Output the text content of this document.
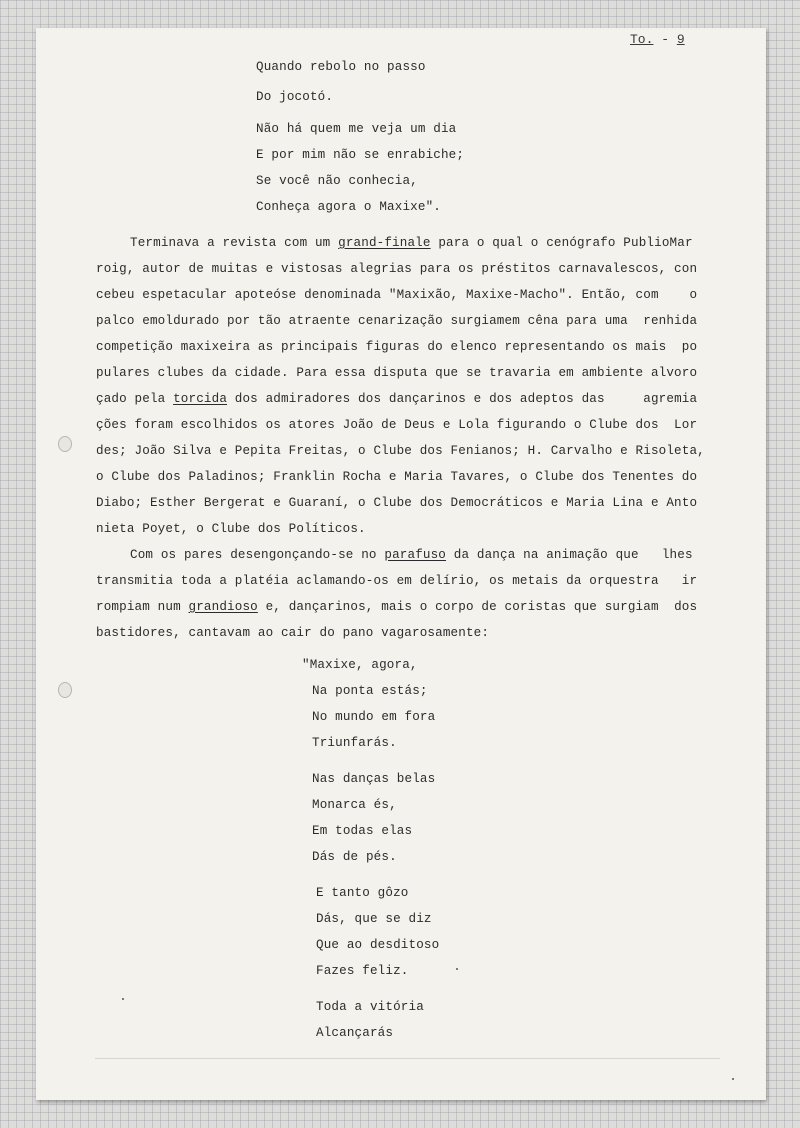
To. - 9
Quando rebolo no passo
Do jocotó.
Não há quem me veja um dia
E por mim não se enrabiche;
Se você não conhecia,
Conheça agora o Maxixe".
Terminava a revista com um grand-finale para o qual o cenógrafo PublioMar
roig, autor de muitas e vistosas alegrias para os préstitos carnavalescos, con
cebeu espetacular apoteóse denominada "Maxixão, Maxixe-Macho". Então, com    o
palco emoldurado por tão atraente cenarização surgiamem cêna para uma  renhida
competição maxixeira as principais figuras do elenco representando os mais  po
pulares clubes da cidade. Para essa disputa que se travaria em ambiente alvoro
çado pela torcida dos admiradores dos dançarinos e dos adeptos das     agremia
ções foram escolhidos os atores João de Deus e Lola figurando o Clube dos  Lor
des; João Silva e Pepita Freitas, o Clube dos Fenianos; H. Carvalho e Risoleta,
o Clube dos Paladinos; Franklin Rocha e Maria Tavares, o Clube dos Tenentes do
Diabo; Esther Bergerat e Guaraní, o Clube dos Democráticos e Maria Lina e Anto
nieta Poyet, o Clube dos Políticos.
Com os pares desengonçando-se no parafuso da dança na animação que   lhes
transmitia toda a platéia aclamando-os em delírio, os metais da orquestra   ir
rompiam num grandioso e, dançarinos, mais o corpo de coristas que surgiam  dos
bastidores, cantavam ao cair do pano vagarosamente:
"Maxixe, agora,
Na ponta estás;
No mundo em fora
Triunfarás.
Nas danças belas
Monarca és,
Em todas elas
Dás de pés.
E tanto gôzo
Dás, que se diz
Que ao desditoso
Fazes feliz.
Toda a vitória
Alcançarás
